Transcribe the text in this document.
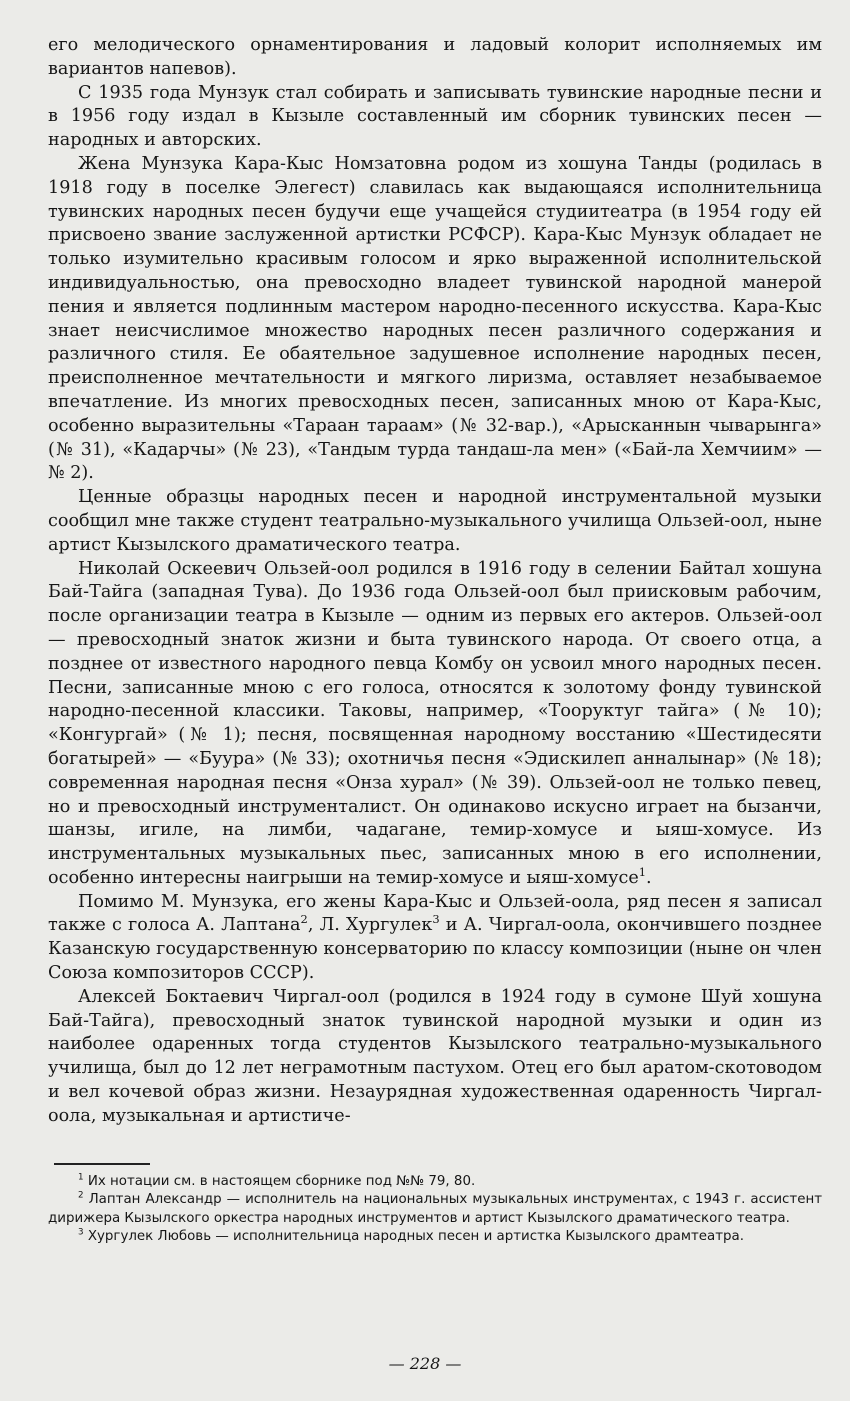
его мелодического орнаментирования и ладовый колорит исполняемых им вариантов напевов).

С 1935 года Мунзук стал собирать и записывать тувинские народные песни и в 1956 году издал в Кызыле составленный им сборник тувинских песен — народных и авторских.

Жена Мунзука Кара-Кыс Номзатовна родом из хошуна Танды (родилась в 1918 году в поселке Элегест) славилась как выдающаяся исполнительница тувинских народных песен будучи еще учащейся студиитеатра (в 1954 году ей присвоено звание заслуженной артистки РСФСР). Кара-Кыс Мунзук обладает не только изумительно красивым голосом и ярко выраженной исполнительской индивидуальностью, она превосходно владеет тувинской народной манерой пения и является подлинным мастером народно-песенного искусства. Кара-Кыс знает неисчислимое множество народных песен различного содержания и различного стиля. Ее обаятельное задушевное исполнение народных песен, преисполненное мечтательности и мягкого лиризма, оставляет незабываемое впечатление. Из многих превосходных песен, записанных мною от Кара-Кыс, особенно выразительны «Тараан тараам» (№ 32-вар.), «Арысканнын чыварынга» (№ 31), «Кадарчы» (№ 23), «Тандым турда тандаш-ла мен» («Бай-ла Хемчиим» — № 2).

Ценные образцы народных песен и народной инструментальной музыки сообщил мне также студент театрально-музыкального училища Ользей-оол, ныне артист Кызылского драматического театра.

Николай Оскеевич Ользей-оол родился в 1916 году в селении Байтал хошуна Бай-Тайга (западная Тува). До 1936 года Ользей-оол был прииcковым рабочим, после организации театра в Кызыле — одним из первых его актеров. Ользей-оол — превосходный знаток жизни и быта тувинского народа. От своего отца, а позднее от известного народного певца Комбу он усвоил много народных песен. Песни, записанные мною с его голоса, относятся к золотому фонду тувинской народно-песенной классики. Таковы, например, «Тооруктуг тайга» (№ 10); «Конгургай» (№ 1); песня, посвященная народному восстанию «Шестидесяти богатырей» — «Буура» (№ 33); охотничья песня «Эдискилеп анналынар» (№ 18); современная народная песня «Онза хурал» (№ 39). Ользей-оол не только певец, но и превосходный инструменталист. Он одинаково искусно играет на бызанчи, шанзы, игиле, на лимби, чадагане, темир-хомусе и ыяш-хомусе. Из инструментальных музыкальных пьес, записанных мною в его исполнении, особенно интересны наигрыши на темир-хомусе и ыяш-хомусе$^1$.

Помимо М. Мунзука, его жены Кара-Кыс и Ользей-оола, ряд песен я записал также с голоса А. Лаптана$^2$, Л. Хургулек$^3$ и А. Чиргал-оола, окончившего позднее Казанскую государственную консерваторию по классу композиции (ныне он член Союза композиторов СССР).

Алексей Боктаевич Чиргал-оол (родился в 1924 году в сумоне Шуй хошуна Бай-Тайга), превосходный знаток тувинской народной музыки и один из наиболее одаренных тогда студентов Кызылского театрально-музыкального училища, был до 12 лет неграмотным пастухом. Отец его был аратом-скотоводом и вел кочевой образ жизни. Незаурядная художественная одаренность Чиргал-оола, музыкальная и артистиче-

$^1$ Их нотации см. в настоящем сборнике под №№ 79, 80.

$^2$ Лаптан Александр — исполнитель на национальных музыкальных инструментах, с 1943 г. ассистент дирижера Кызылского оркестра народных инструментов и артист Кызылского драматического театра.

$^3$ Хургулек Любовь — исполнительница народных песен и артистка Кызылского драмтеатра.

— 228 —
